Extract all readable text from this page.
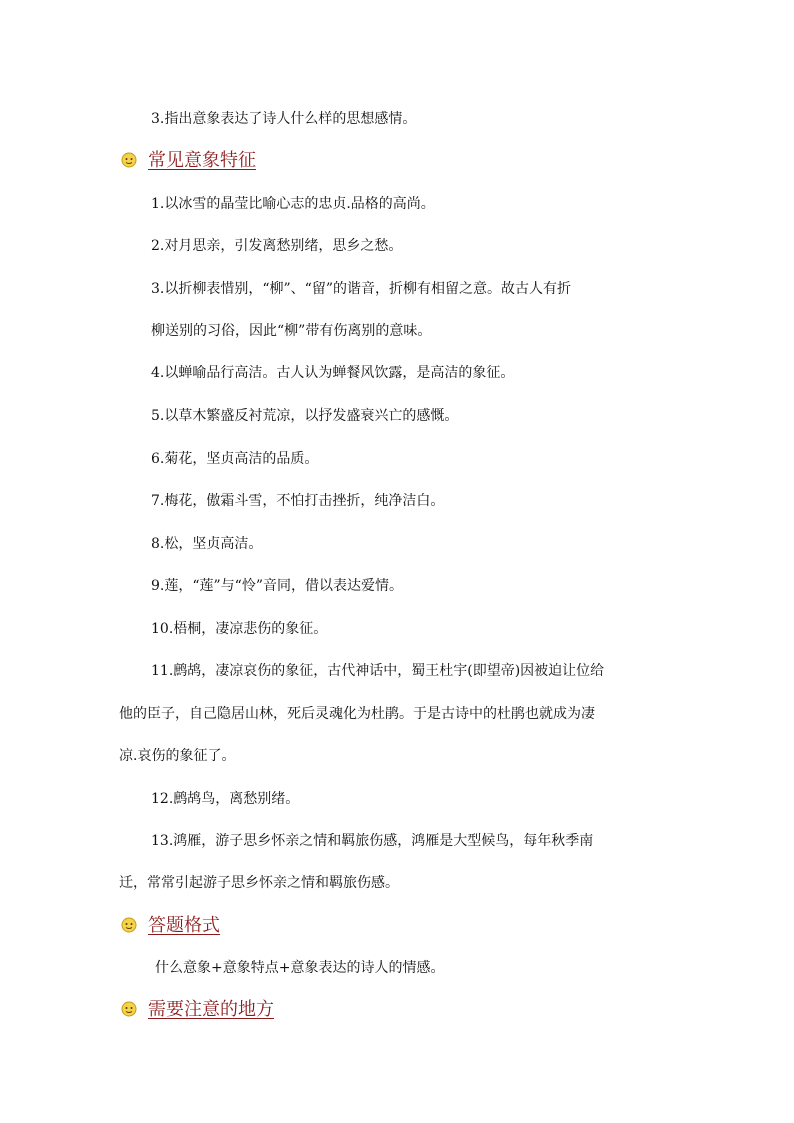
3.指出意象表达了诗人什么样的思想感情。
常见意象特征
1.以冰雪的晶莹比喻心志的忠贞.品格的高尚。
2.对月思亲，引发离愁别绪，思乡之愁。
3.以折柳表惜别，“柳”、“留”的谐音，折柳有相留之意。故古人有折
柳送别的习俗，因此“柳”带有伤离别的意味。
4.以蝉喻品行高洁。古人认为蝉餐风饮露，是高洁的象征。
5.以草木繁盛反衬荒凉，以抒发盛衰兴亡的感慨。
6.菊花，坚贞高洁的品质。
7.梅花，傲霜斗雪，不怕打击挫折，纯净洁白。
8.松，坚贞高洁。
9.莲，“莲”与“怜”音同，借以表达爱情。
10.梧桐，凄凉悲伤的象征。
11.鹧鸪，凄凉哀伤的象征，古代神话中，蜀王杜宇(即望帝)因被迫让位给
他的臣子，自己隐居山林，死后灵魂化为杜鹃。于是古诗中的杜鹃也就成为凄
凉.哀伤的象征了。
12.鹧鸪鸟，离愁别绪。
13.鸿雁，游子思乡怀亲之情和羁旅伤感，鸿雁是大型候鸟，每年秋季南
迁，常常引起游子思乡怀亲之情和羁旅伤感。
答题格式
什么意象+意象特点+意象表达的诗人的情感。
需要注意的地方
